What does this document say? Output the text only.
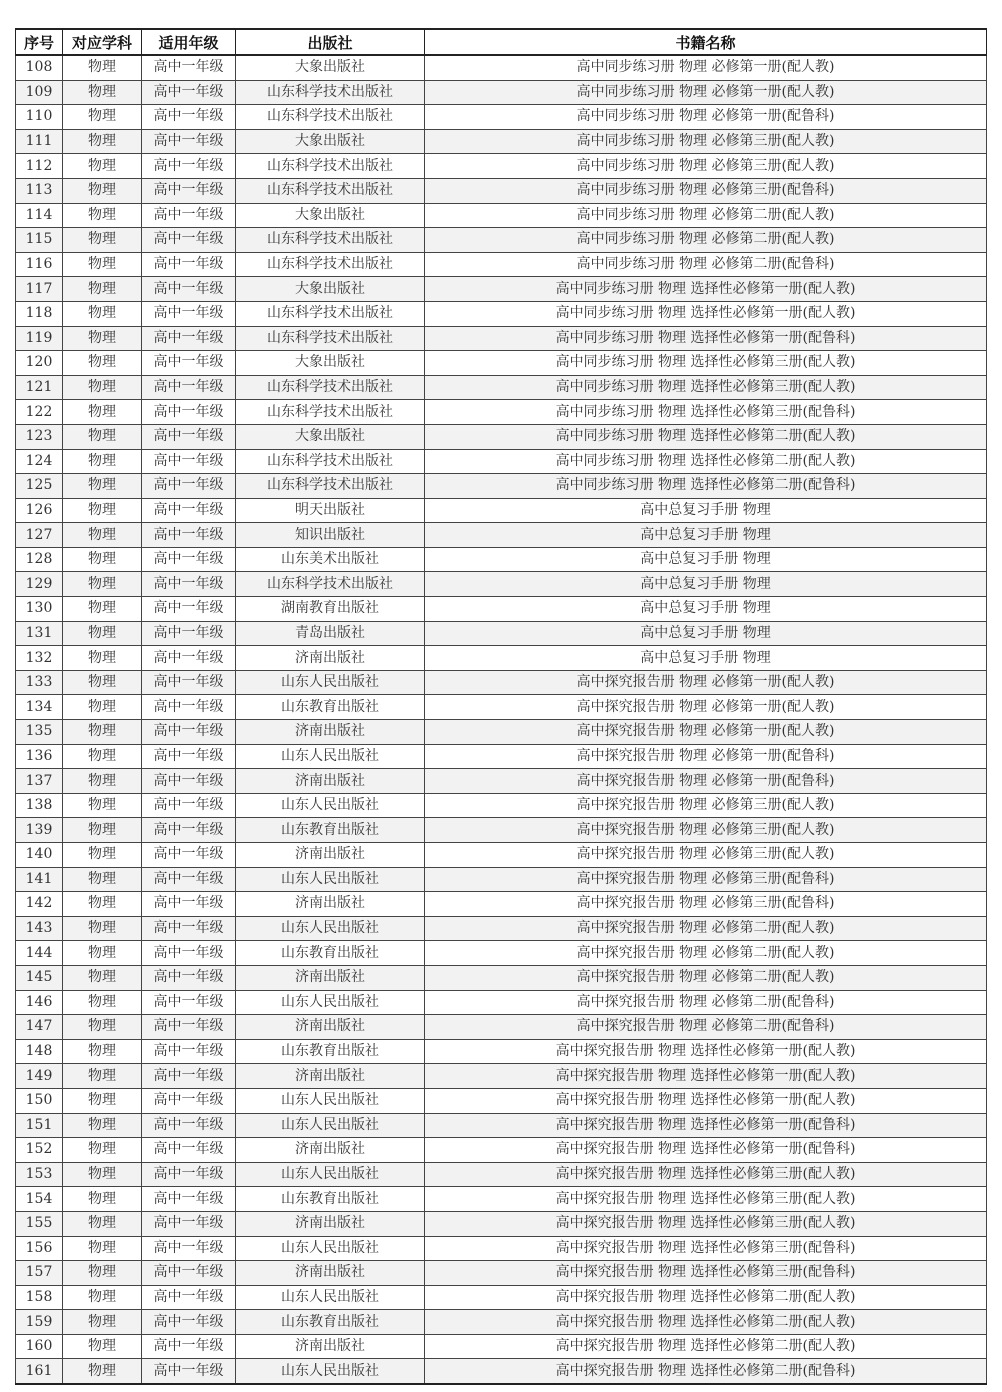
序号	对应学科	适用年级	出版社	书籍名称
108	物理	高中一年级	大象出版社	高中同步练习册 物理 必修第一册(配人教)
109	物理	高中一年级	山东科学技术出版社	高中同步练习册 物理 必修第一册(配人教)
110	物理	高中一年级	山东科学技术出版社	高中同步练习册 物理 必修第一册(配鲁科)
111	物理	高中一年级	大象出版社	高中同步练习册 物理 必修第三册(配人教)
112	物理	高中一年级	山东科学技术出版社	高中同步练习册 物理 必修第三册(配人教)
113	物理	高中一年级	山东科学技术出版社	高中同步练习册 物理 必修第三册(配鲁科)
114	物理	高中一年级	大象出版社	高中同步练习册 物理 必修第二册(配人教)
115	物理	高中一年级	山东科学技术出版社	高中同步练习册 物理 必修第二册(配人教)
116	物理	高中一年级	山东科学技术出版社	高中同步练习册 物理 必修第二册(配鲁科)
117	物理	高中一年级	大象出版社	高中同步练习册 物理 选择性必修第一册(配人教)
118	物理	高中一年级	山东科学技术出版社	高中同步练习册 物理 选择性必修第一册(配人教)
119	物理	高中一年级	山东科学技术出版社	高中同步练习册 物理 选择性必修第一册(配鲁科)
120	物理	高中一年级	大象出版社	高中同步练习册 物理 选择性必修第三册(配人教)
121	物理	高中一年级	山东科学技术出版社	高中同步练习册 物理 选择性必修第三册(配人教)
122	物理	高中一年级	山东科学技术出版社	高中同步练习册 物理 选择性必修第三册(配鲁科)
123	物理	高中一年级	大象出版社	高中同步练习册 物理 选择性必修第二册(配人教)
124	物理	高中一年级	山东科学技术出版社	高中同步练习册 物理 选择性必修第二册(配人教)
125	物理	高中一年级	山东科学技术出版社	高中同步练习册 物理 选择性必修第二册(配鲁科)
126	物理	高中一年级	明天出版社	高中总复习手册 物理
127	物理	高中一年级	知识出版社	高中总复习手册 物理
128	物理	高中一年级	山东美术出版社	高中总复习手册 物理
129	物理	高中一年级	山东科学技术出版社	高中总复习手册 物理
130	物理	高中一年级	湖南教育出版社	高中总复习手册 物理
131	物理	高中一年级	青岛出版社	高中总复习手册 物理
132	物理	高中一年级	济南出版社	高中总复习手册 物理
133	物理	高中一年级	山东人民出版社	高中探究报告册 物理 必修第一册(配人教)
134	物理	高中一年级	山东教育出版社	高中探究报告册 物理 必修第一册(配人教)
135	物理	高中一年级	济南出版社	高中探究报告册 物理 必修第一册(配人教)
136	物理	高中一年级	山东人民出版社	高中探究报告册 物理 必修第一册(配鲁科)
137	物理	高中一年级	济南出版社	高中探究报告册 物理 必修第一册(配鲁科)
138	物理	高中一年级	山东人民出版社	高中探究报告册 物理 必修第三册(配人教)
139	物理	高中一年级	山东教育出版社	高中探究报告册 物理 必修第三册(配人教)
140	物理	高中一年级	济南出版社	高中探究报告册 物理 必修第三册(配人教)
141	物理	高中一年级	山东人民出版社	高中探究报告册 物理 必修第三册(配鲁科)
142	物理	高中一年级	济南出版社	高中探究报告册 物理 必修第三册(配鲁科)
143	物理	高中一年级	山东人民出版社	高中探究报告册 物理 必修第二册(配人教)
144	物理	高中一年级	山东教育出版社	高中探究报告册 物理 必修第二册(配人教)
145	物理	高中一年级	济南出版社	高中探究报告册 物理 必修第二册(配人教)
146	物理	高中一年级	山东人民出版社	高中探究报告册 物理 必修第二册(配鲁科)
147	物理	高中一年级	济南出版社	高中探究报告册 物理 必修第二册(配鲁科)
148	物理	高中一年级	山东教育出版社	高中探究报告册 物理 选择性必修第一册(配人教)
149	物理	高中一年级	济南出版社	高中探究报告册 物理 选择性必修第一册(配人教)
150	物理	高中一年级	山东人民出版社	高中探究报告册 物理 选择性必修第一册(配人教)
151	物理	高中一年级	山东人民出版社	高中探究报告册 物理 选择性必修第一册(配鲁科)
152	物理	高中一年级	济南出版社	高中探究报告册 物理 选择性必修第一册(配鲁科)
153	物理	高中一年级	山东人民出版社	高中探究报告册 物理 选择性必修第三册(配人教)
154	物理	高中一年级	山东教育出版社	高中探究报告册 物理 选择性必修第三册(配人教)
155	物理	高中一年级	济南出版社	高中探究报告册 物理 选择性必修第三册(配人教)
156	物理	高中一年级	山东人民出版社	高中探究报告册 物理 选择性必修第三册(配鲁科)
157	物理	高中一年级	济南出版社	高中探究报告册 物理 选择性必修第三册(配鲁科)
158	物理	高中一年级	山东人民出版社	高中探究报告册 物理 选择性必修第二册(配人教)
159	物理	高中一年级	山东教育出版社	高中探究报告册 物理 选择性必修第二册(配人教)
160	物理	高中一年级	济南出版社	高中探究报告册 物理 选择性必修第二册(配人教)
161	物理	高中一年级	山东人民出版社	高中探究报告册 物理 选择性必修第二册(配鲁科)
